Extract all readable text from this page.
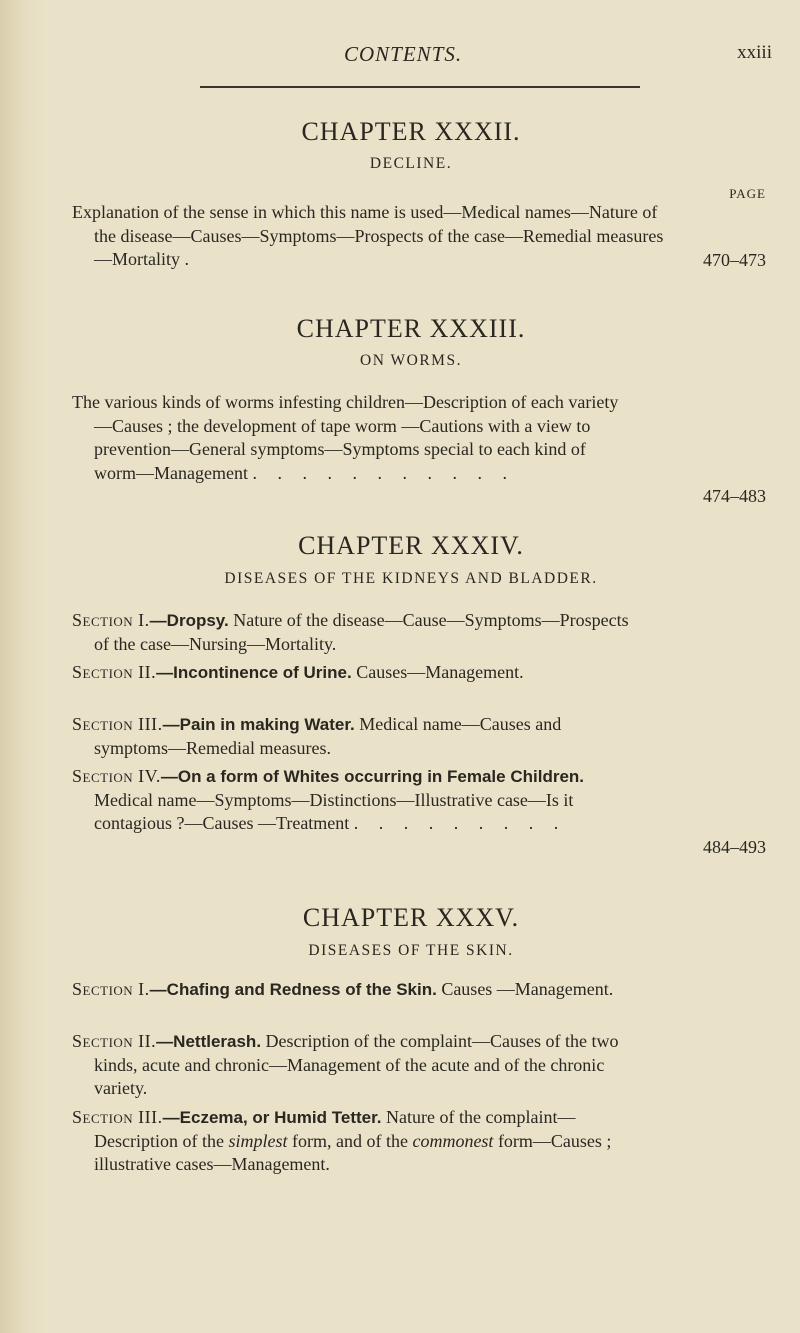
CONTENTS.	xxiii
CHAPTER XXXII.
DECLINE.
PAGE
Explanation of the sense in which this name is used—Medical names—Nature of the disease—Causes—Symptoms—Prospects of the case—Remedial measures—Mortality .	470–473
CHAPTER XXXIII.
ON WORMS.
The various kinds of worms infesting children—Description of each variety—Causes ; the development of tape worm —Cautions with a view to prevention—General symptoms—Symptoms special to each kind of worm—Management . . . . . . . . . . .
474–483
CHAPTER XXXIV.
DISEASES OF THE KIDNEYS AND BLADDER.
Section I.—Dropsy. Nature of the disease—Cause—Symptoms—Prospects of the case—Nursing—Mortality.
Section II.—Incontinence of Urine. Causes—Management.
Section III.—Pain in making Water. Medical name—Causes and symptoms—Remedial measures.
Section IV.—On a form of Whites occurring in Female Children. Medical name—Symptoms—Distinctions—Illustrative case—Is it contagious ?—Causes —Treatment . . . . . . . . .
484–493
CHAPTER XXXV.
DISEASES OF THE SKIN.
Section I.—Chafing and Redness of the Skin. Causes —Management.
Section II.—Nettlerash. Description of the complaint—Causes of the two kinds, acute and chronic—Management of the acute and of the chronic variety.
Section III.—Eczema, or Humid Tetter. Nature of the complaint—Description of the simplest form, and of the commonest form—Causes ; illustrative cases—Management.
